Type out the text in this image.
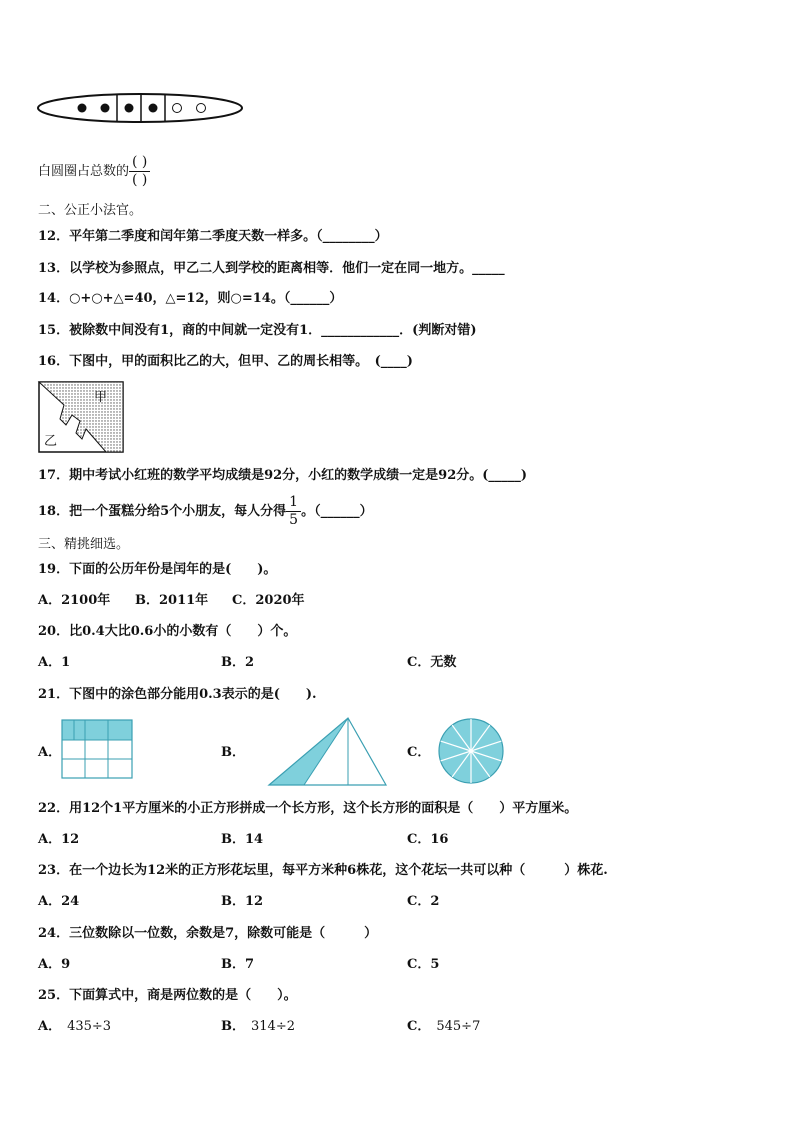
白圆圈占总数的 $\frac{( )}{( )}$
二、公正小法官。
12．平年第二季度和闰年第二季度天数一样多。（________）
13．以学校为参照点，甲乙二人到学校的距离相等．他们一定在同一地方。_____
14．○+○+△=40，△=12，则○=14。（______）
15．被除数中间没有1，商的中间就一定没有1．____________．(判断对错)
16．下图中，甲的面积比乙的大，但甲、乙的周长相等。　(____)
甲
乙
17．期中考试小红班的数学平均成绩是92分，小红的数学成绩一定是92分。(_____)
18．把一个蛋糕分给5个小朋友，每人分得 $\frac{1}{5}$ 。（______）
三、精挑细选。
19．下面的公历年份是闰年的是(　　)。
A．2100年 B．2011年 C．2020年
20．比0.4大比0.6小的小数有（　　）个。
A．1	B．2	C．无数
21．下图中的涂色部分能用0.3表示的是(　　).
A．	B．	C．
22．用12个1平方厘米的小正方形拼成一个长方形，这个长方形的面积是（　　）平方厘米。
A．12	B．14	C．16
23．在一个边长为12米的正方形花坛里，每平方米种6株花，这个花坛一共可以种（　　　）株花.
A．24	B．12	C．2
24．三位数除以一位数，余数是7，除数可能是（　　　）
A．9	B．7	C．5
25．下面算式中，商是两位数的是（　　）。
A． 435÷3	B． 314÷2	C． 545÷7
